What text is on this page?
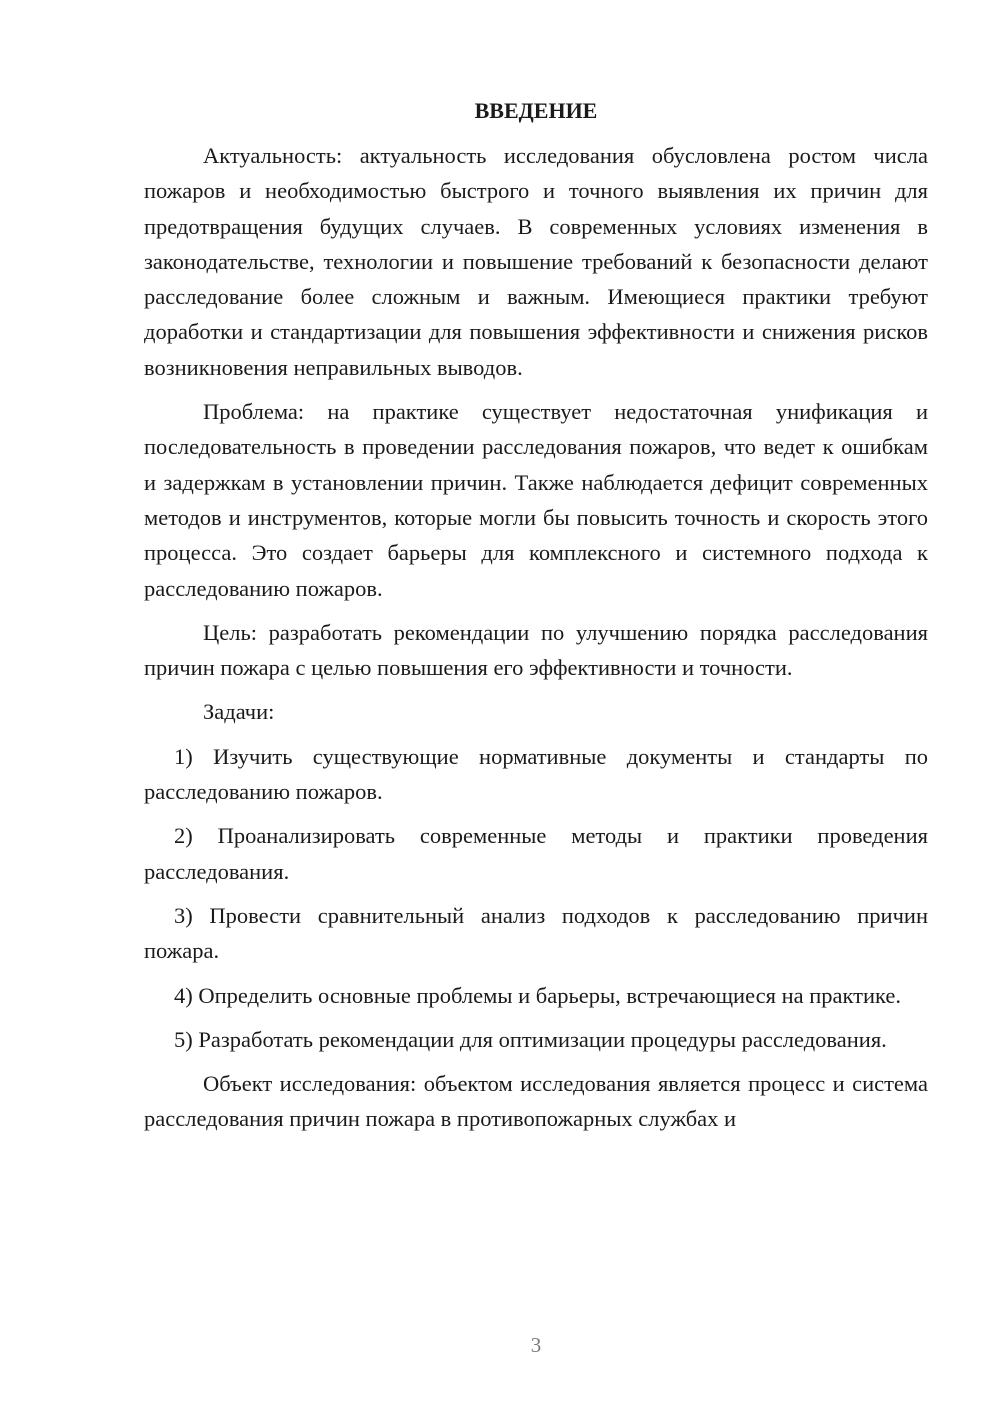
ВВЕДЕНИЕ

Актуальность: актуальность исследования обусловлена ростом числа пожаров и необходимостью быстрого и точного выявления их причин для предотвращения будущих случаев. В современных условиях изменения в законодательстве, технологии и повышение требований к безопасности делают расследование более сложным и важным. Имеющиеся практики требуют доработки и стандартизации для повышения эффективности и снижения рисков возникновения неправильных выводов.

Проблема: на практике существует недостаточная унификация и последовательность в проведении расследования пожаров, что ведет к ошибкам и задержкам в установлении причин. Также наблюдается дефицит современных методов и инструментов, которые могли бы повысить точность и скорость этого процесса. Это создает барьеры для комплексного и системного подхода к расследованию пожаров.

Цель: разработать рекомендации по улучшению порядка расследования причин пожара с целью повышения его эффективности и точности.

Задачи:

1) Изучить существующие нормативные документы и стандарты по расследованию пожаров.

2) Проанализировать современные методы и практики проведения расследования.

3) Провести сравнительный анализ подходов к расследованию причин пожара.

4) Определить основные проблемы и барьеры, встречающиеся на практике.

5) Разработать рекомендации для оптимизации процедуры расследования.

Объект исследования: объектом исследования является процесс и система расследования причин пожара в противопожарных службах и

3
